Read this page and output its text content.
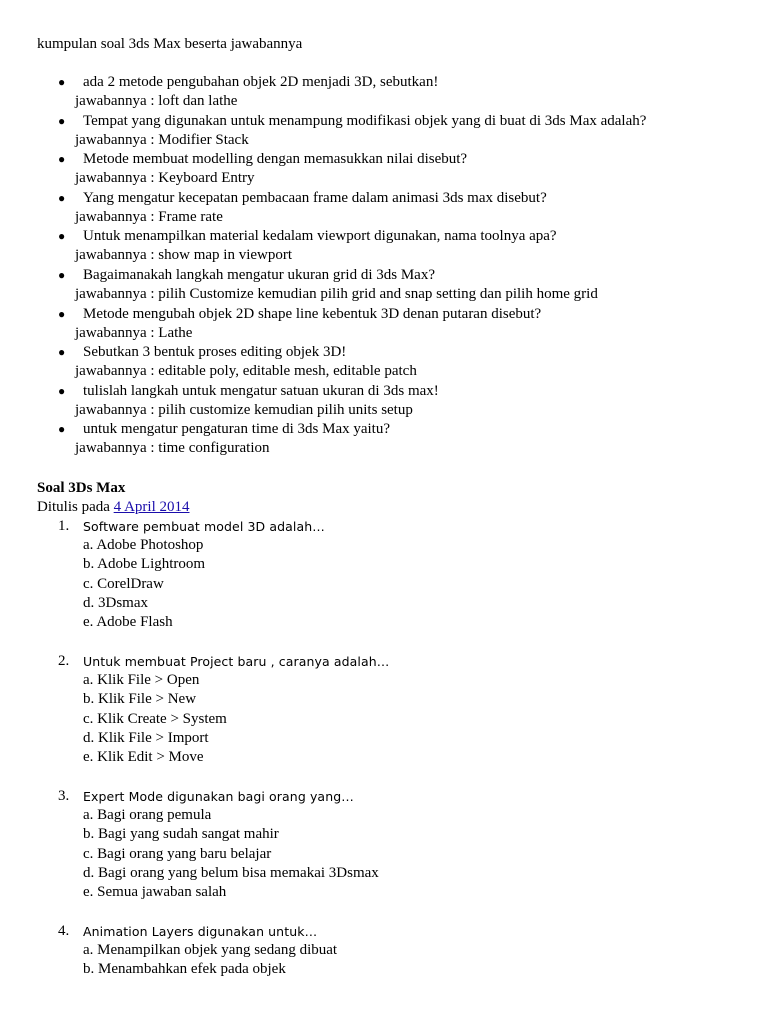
kumpulan soal 3ds Max beserta jawabannya
● ada 2 metode pengubahan objek 2D menjadi 3D, sebutkan!
jawabannya : loft dan lathe
● Tempat yang digunakan untuk menampung modifikasi objek yang di buat di 3ds Max adalah?
jawabannya : Modifier Stack
● Metode membuat modelling dengan memasukkan nilai disebut?
jawabannya : Keyboard Entry
● Yang mengatur kecepatan pembacaan frame dalam animasi 3ds max disebut?
jawabannya : Frame rate
● Untuk menampilkan material kedalam viewport digunakan, nama toolnya apa?
jawabannya : show map in viewport
● Bagaimanakah langkah mengatur ukuran grid di 3ds Max?
jawabannya : pilih Customize kemudian pilih grid and snap setting dan pilih home grid
● Metode mengubah objek 2D shape line kebentuk 3D denan putaran disebut?
jawabannya : Lathe
● Sebutkan 3 bentuk proses editing objek 3D!
jawabannya : editable poly, editable mesh, editable patch
● tulislah langkah untuk mengatur satuan ukuran di 3ds max!
jawabannya : pilih customize kemudian pilih units setup
● untuk mengatur pengaturan time di 3ds Max yaitu?
jawabannya : time configuration
Soal 3Ds Max
Ditulis pada 4 April 2014
1. Software pembuat model 3D adalah…
a. Adobe Photoshop
b. Adobe Lightroom
c. CorelDraw
d. 3Dsmax
e. Adobe Flash
2. Untuk membuat Project baru , caranya adalah…
a. Klik File > Open
b. Klik File > New
c. Klik Create > System
d. Klik File > Import
e. Klik Edit > Move
3. Expert Mode digunakan bagi orang yang…
a. Bagi orang pemula
b. Bagi yang sudah sangat mahir
c. Bagi orang yang baru belajar
d. Bagi orang yang belum bisa memakai 3Dsmax
e. Semua jawaban salah
4. Animation Layers digunakan untuk…
a. Menampilkan objek yang sedang dibuat
b. Menambahkan efek pada objek
